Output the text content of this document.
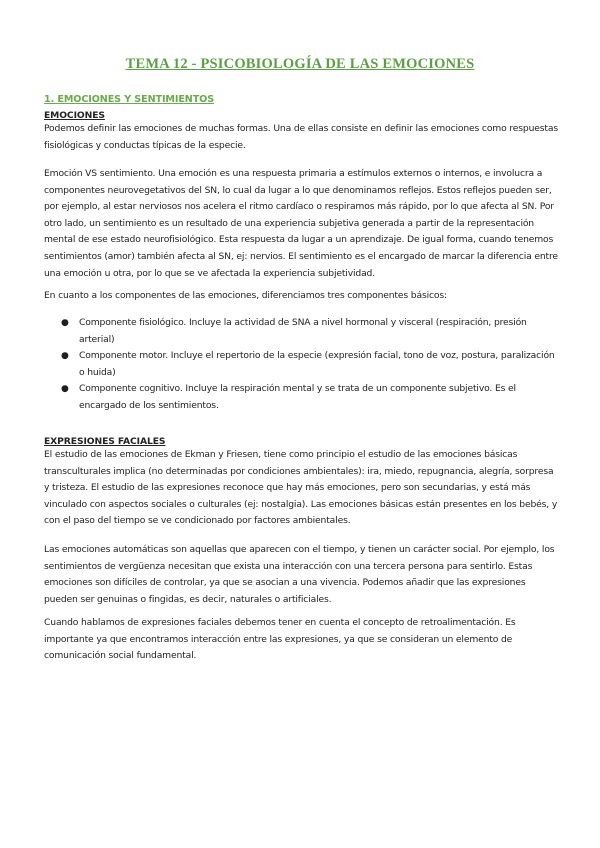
TEMA 12 - PSICOBIOLOGÍA DE LAS EMOCIONES
1. EMOCIONES Y SENTIMIENTOS
EMOCIONES

Podemos definir las emociones de muchas formas. Una de ellas consiste en definir las emociones como respuestas fisiológicas y conductas típicas de la especie.

Emoción VS sentimiento. Una emoción es una respuesta primaria a estímulos externos o internos, e involucra a componentes neurovegetativos del SN, lo cual da lugar a lo que denominamos reflejos. Estos reflejos pueden ser, por ejemplo, al estar nerviosos nos acelera el ritmo cardíaco o respiramos más rápido, por lo que afecta al SN. Por otro lado, un sentimiento es un resultado de una experiencia subjetiva generada a partir de la representación mental de ese estado neurofisiológico. Esta respuesta da lugar a un aprendizaje. De igual forma, cuando tenemos sentimientos (amor) también afecta al SN, ej: nervios. El sentimiento es el encargado de marcar la diferencia entre una emoción u otra, por lo que se ve afectada la experiencia subjetividad.

En cuanto a los componentes de las emociones, diferenciamos tres componentes básicos:

● Componente fisiológico. Incluye la actividad de SNA a nivel hormonal y visceral (respiración, presión arterial)
● Componente motor. Incluye el repertorio de la especie (expresión facial, tono de voz, postura, paralización o huida)
● Componente cognitivo. Incluye la respiración mental y se trata de un componente subjetivo. Es el encargado de los sentimientos.
EXPRESIONES FACIALES

El estudio de las emociones de Ekman y Friesen, tiene como principio el estudio de las emociones básicas transculturales implica (no determinadas por condiciones ambientales): ira, miedo, repugnancia, alegría, sorpresa y tristeza. El estudio de las expresiones reconoce que hay más emociones, pero son secundarias, y está más vinculado con aspectos sociales o culturales (ej: nostalgia). Las emociones básicas están presentes en los bebés, y con el paso del tiempo se ve condicionado por factores ambientales.

Las emociones automáticas son aquellas que aparecen con el tiempo, y tienen un carácter social. Por ejemplo, los sentimientos de vergüenza necesitan que exista una interacción con una tercera persona para sentirlo. Estas emociones son difíciles de controlar, ya que se asocian a una vivencia. Podemos añadir que las expresiones pueden ser genuinas o fingidas, es decir, naturales o artificiales.

Cuando hablamos de expresiones faciales debemos tener en cuenta el concepto de retroalimentación. Es importante ya que encontramos interacción entre las expresiones, ya que se consideran un elemento de comunicación social fundamental.
